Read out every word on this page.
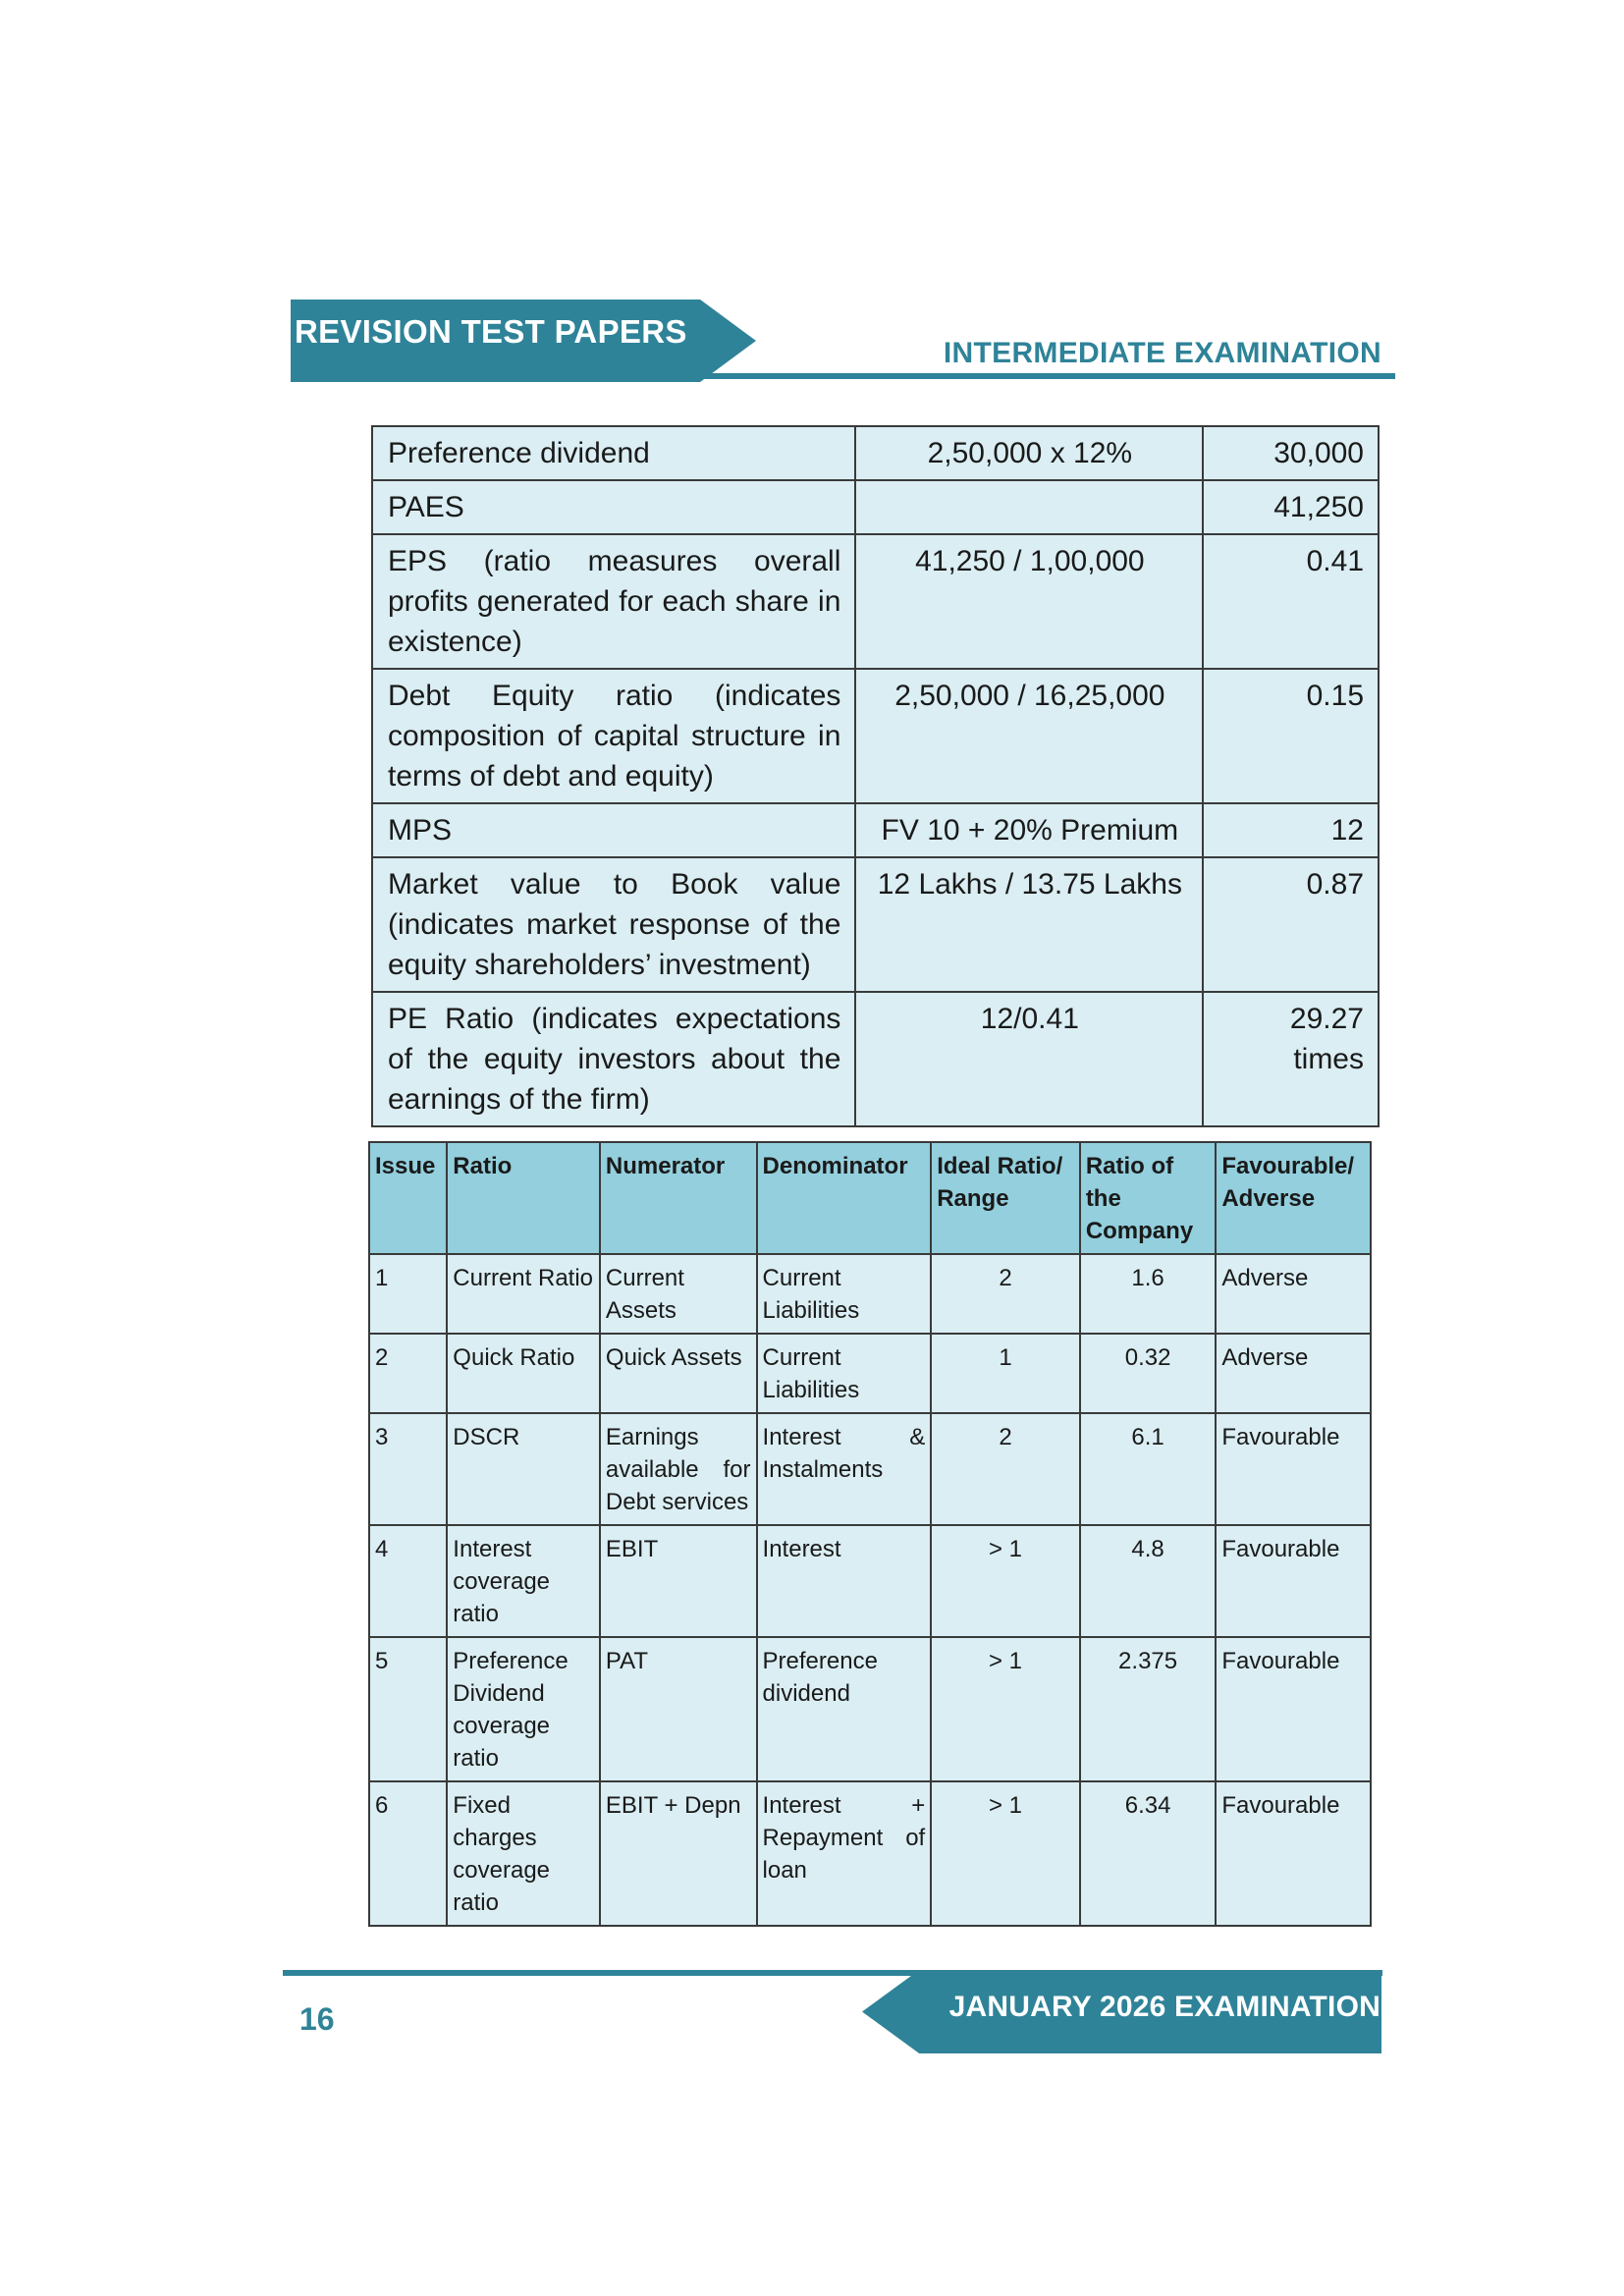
REVISION TEST PAPERS
INTERMEDIATE EXAMINATION
Preference dividend	2,50,000 x 12%	30,000
PAES		41,250
EPS (ratio measures overall profits generated for each share in existence)	41,250 / 1,00,000	0.41
Debt Equity ratio (indicates composition of capital structure in terms of debt and equity)	2,50,000 / 16,25,000	0.15
MPS	FV 10 + 20% Premium	12
Market value to Book value (indicates market response of the equity shareholders’ investment)	12 Lakhs / 13.75 Lakhs	0.87
PE Ratio (indicates expectations of the equity investors about the earnings of the firm)	12/0.41	29.27 times
Issue	Ratio	Numerator	Denominator	Ideal Ratio/ Range	Ratio of the Company	Favourable/ Adverse
1	Current Ratio	Current Assets	Current Liabilities	2	1.6	Adverse
2	Quick Ratio	Quick Assets	Current Liabilities	1	0.32	Adverse
3	DSCR	Earnings available for Debt services	Interest & Instalments	2	6.1	Favourable
4	Interest coverage ratio	EBIT	Interest	> 1	4.8	Favourable
5	Preference Dividend coverage ratio	PAT	Preference dividend	> 1	2.375	Favourable
6	Fixed charges coverage ratio	EBIT + Depn	Interest + Repayment of loan	> 1	6.34	Favourable
16	JANUARY 2026 EXAMINATION
